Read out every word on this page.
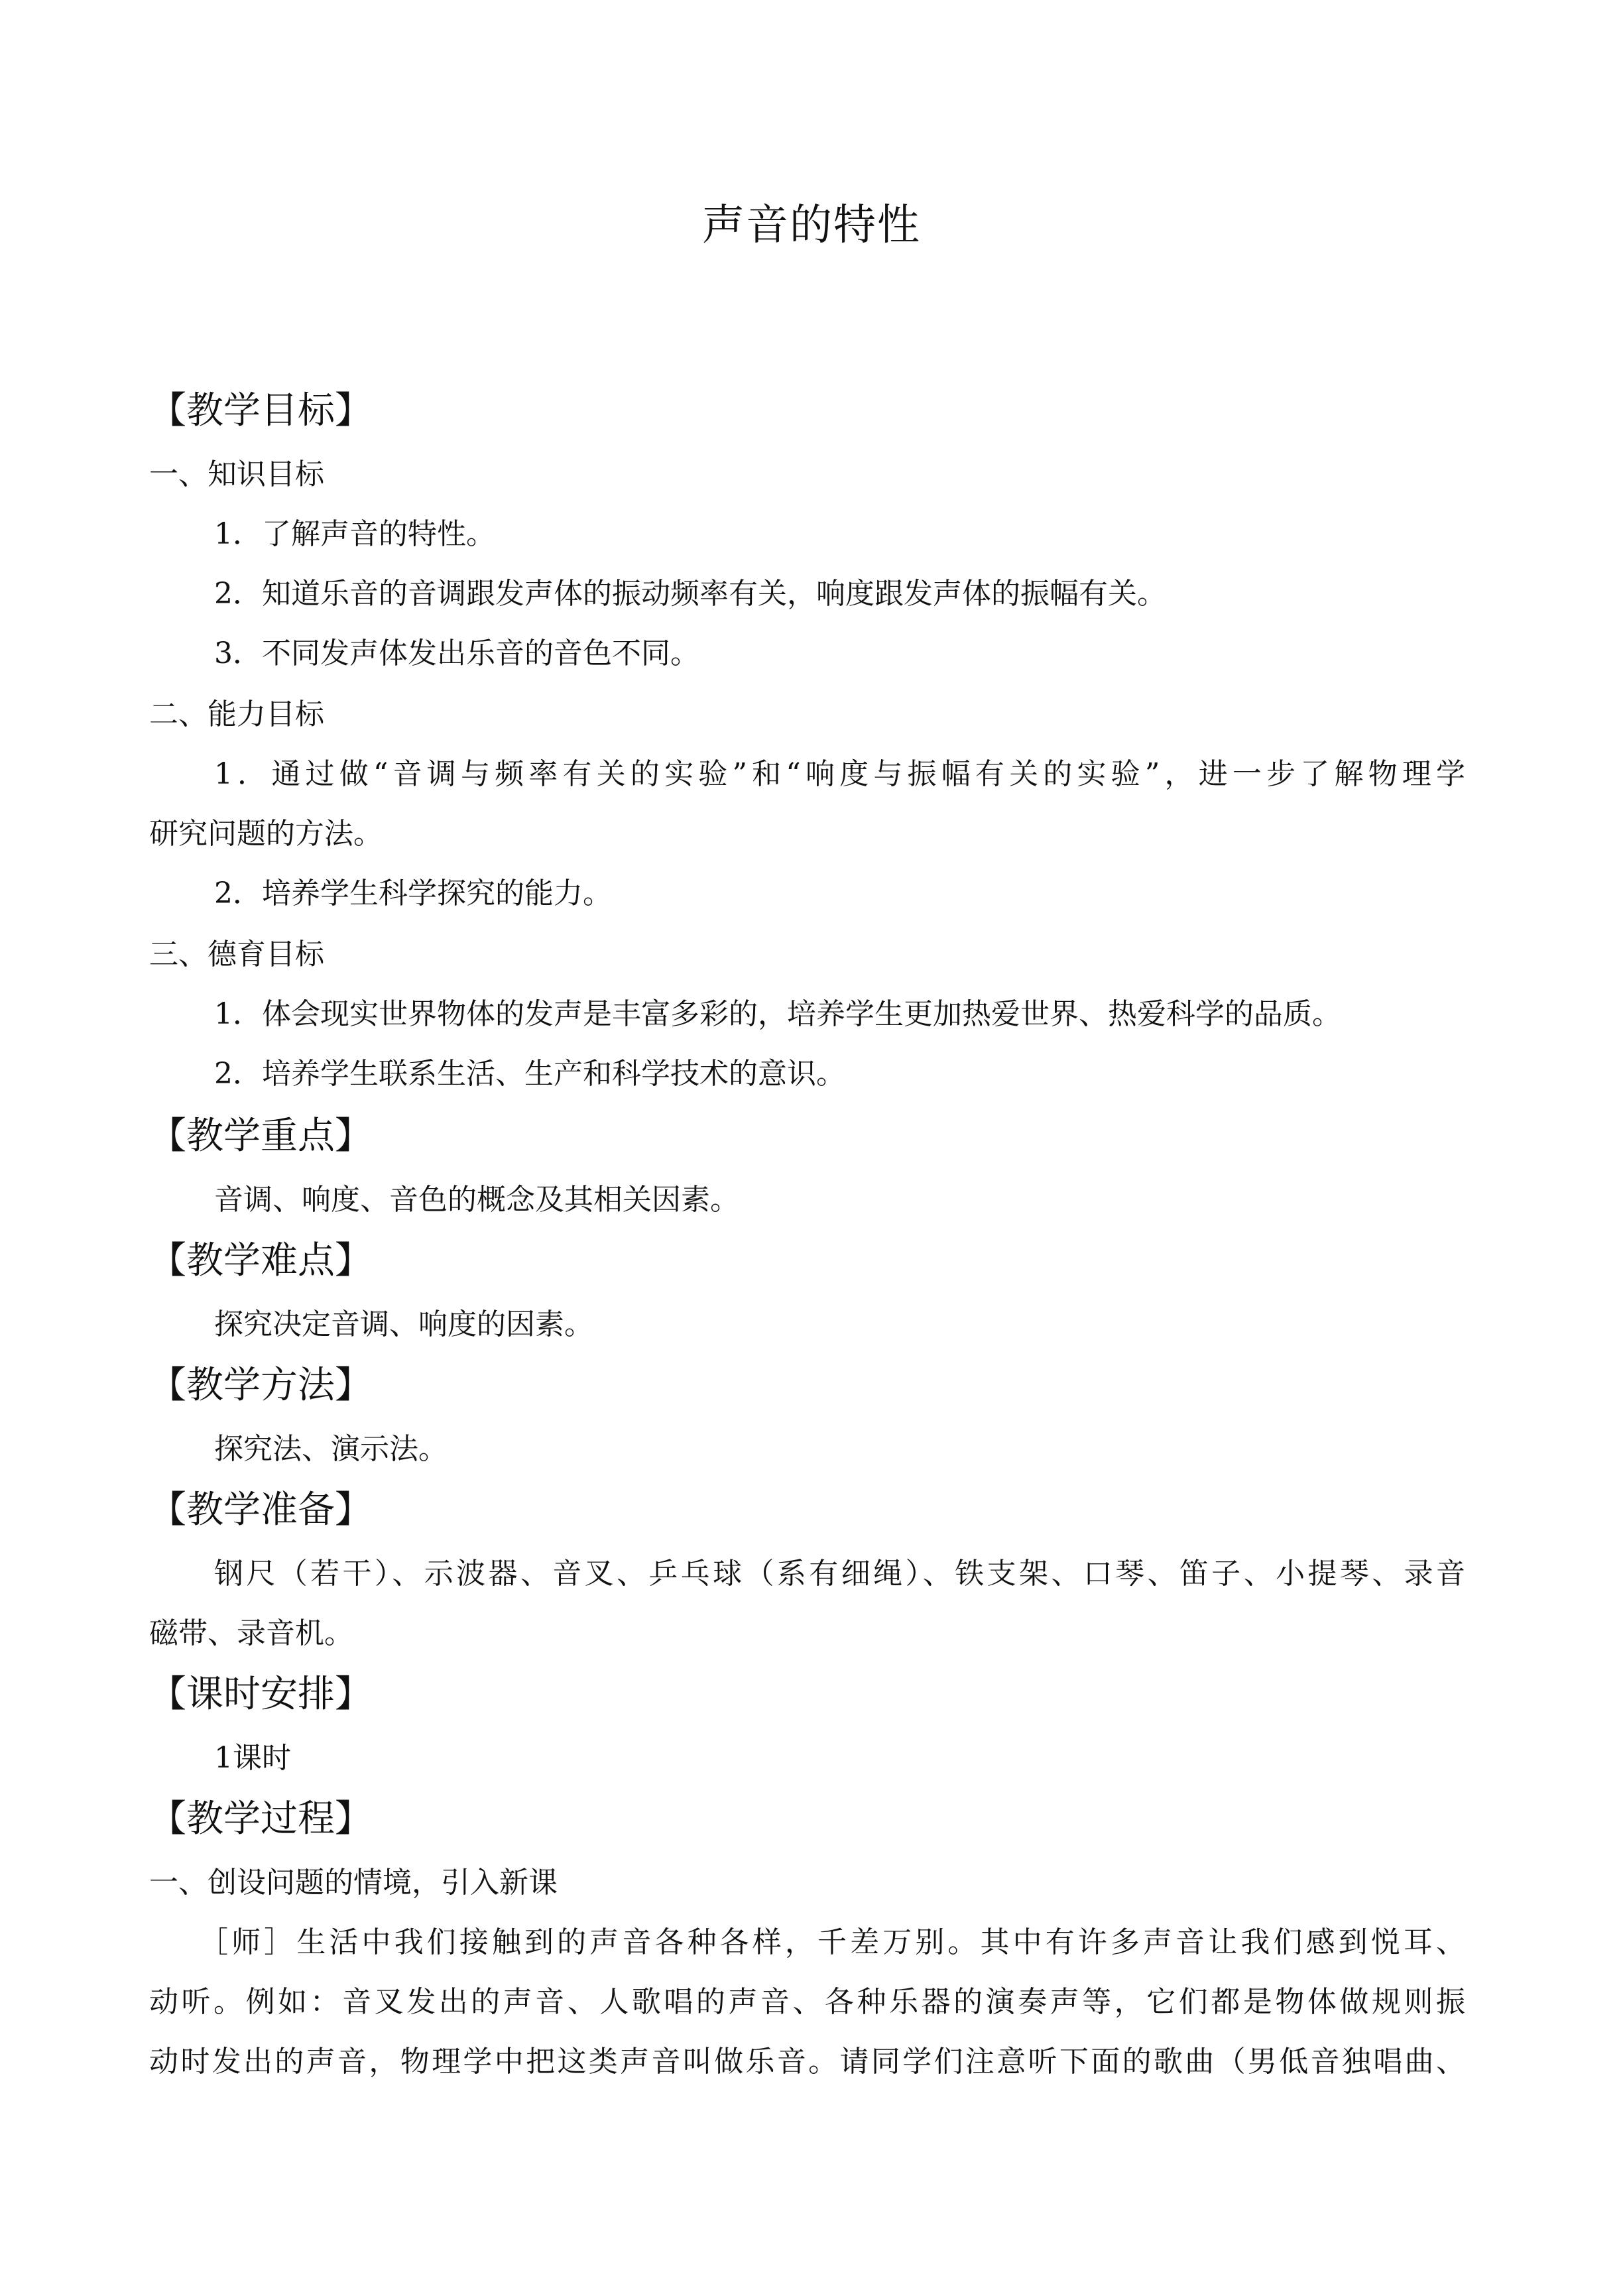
声音的特性
【教学目标】
一、知识目标
1．了解声音的特性。
2．知道乐音的音调跟发声体的振动频率有关，响度跟发声体的振幅有关。
3．不同发声体发出乐音的音色不同。
二、能力目标
1．通过做“音调与频率有关的实验”和“响度与振幅有关的实验”，进一步了解物理学
研究问题的方法。
2．培养学生科学探究的能力。
三、德育目标
1．体会现实世界物体的发声是丰富多彩的，培养学生更加热爱世界、热爱科学的品质。
2．培养学生联系生活、生产和科学技术的意识。
【教学重点】
音调、响度、音色的概念及其相关因素。
【教学难点】
探究决定音调、响度的因素。
【教学方法】
探究法、演示法。
【教学准备】
钢尺（若干）、示波器、音叉、乒乓球（系有细绳）、铁支架、口琴、笛子、小提琴、录音
磁带、录音机。
【课时安排】
1课时
【教学过程】
一、创设问题的情境，引入新课
［师］生活中我们接触到的声音各种各样，千差万别。其中有许多声音让我们感到悦耳、
动听。例如：音叉发出的声音、人歌唱的声音、各种乐器的演奏声等，它们都是物体做规则振
动时发出的声音，物理学中把这类声音叫做乐音。请同学们注意听下面的歌曲（男低音独唱曲、
